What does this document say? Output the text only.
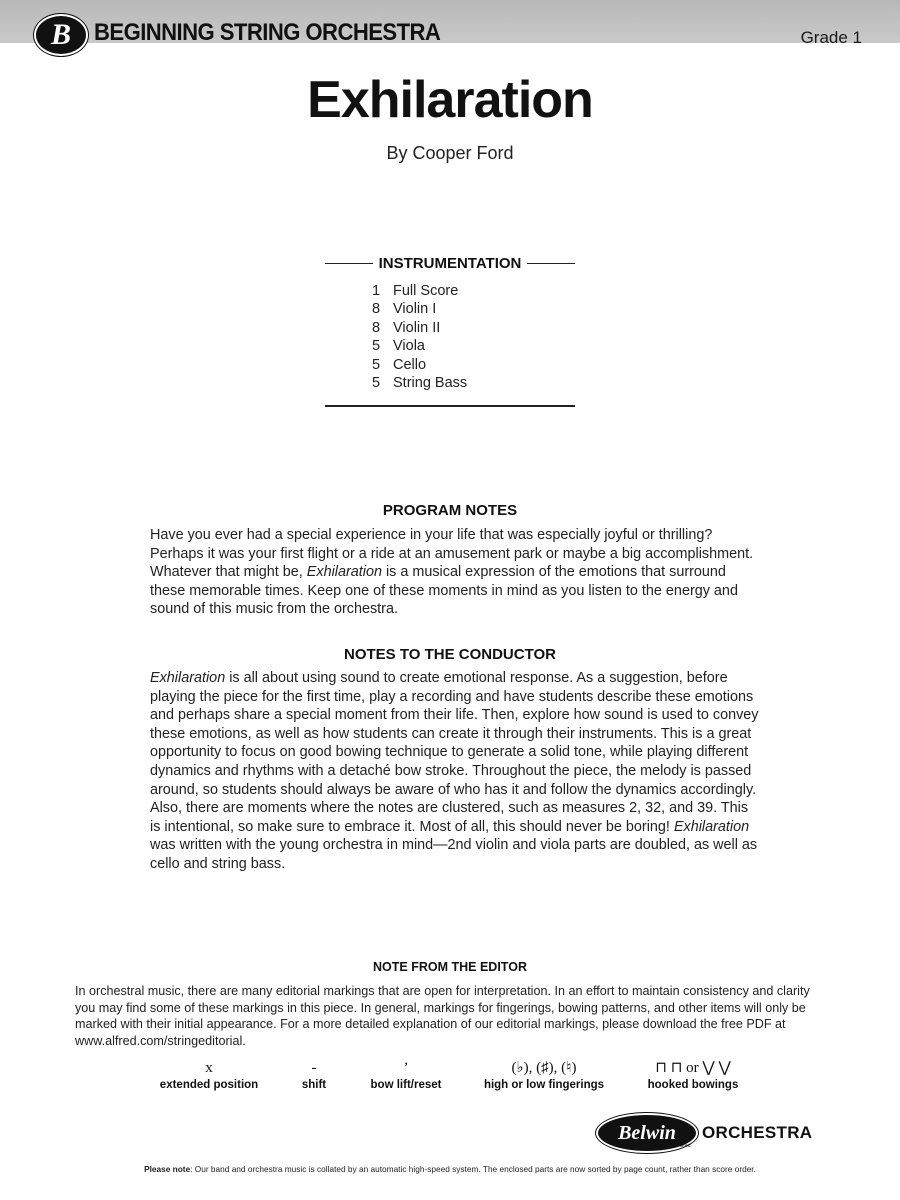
B BEGINNING STRING ORCHESTRA	Grade 1
Exhilaration
By Cooper Ford
INSTRUMENTATION
1 Full Score
8 Violin I
8 Violin II
5 Viola
5 Cello
5 String Bass
PROGRAM NOTES

Have you ever had a special experience in your life that was especially joyful or thrilling? Perhaps it was your first flight or a ride at an amusement park or maybe a big accomplishment. Whatever that might be, Exhilaration is a musical expression of the emotions that surround these memorable times. Keep one of these moments in mind as you listen to the energy and sound of this music from the orchestra.

NOTES TO THE CONDUCTOR

Exhilaration is all about using sound to create emotional response. As a suggestion, before playing the piece for the first time, play a recording and have students describe these emotions and perhaps share a special moment from their life. Then, explore how sound is used to convey these emotions, as well as how students can create it through their instruments. This is a great opportunity to focus on good bowing technique to generate a solid tone, while playing different dynamics and rhythms with a detaché bow stroke. Throughout the piece, the melody is passed around, so students should always be aware of who has it and follow the dynamics accordingly. Also, there are moments where the notes are clustered, such as measures 2, 32, and 39. This is intentional, so make sure to embrace it. Most of all, this should never be boring! Exhilaration was written with the young orchestra in mind—2nd violin and viola parts are doubled, as well as cello and string bass.

NOTE FROM THE EDITOR

In orchestral music, there are many editorial markings that are open for interpretation. In an effort to maintain consistency and clarity you may find some of these markings in this piece. In general, markings for fingerings, bowing patterns, and other items will only be marked with their initial appearance. For a more detailed explanation of our editorial markings, please download the free PDF at www.alfred.com/stringeditorial.

x
extended position
-
shift
’
bow lift/reset
(♭), (♯), (♮)
high or low fingerings
⊓ ⊓ or ⋁ ⋁
hooked bowings
Belwin ORCHESTRA
a division of Alfred
Please note: Our band and orchestra music is collated by an automatic high-speed system. The enclosed parts are now sorted by page count, rather than score order.
